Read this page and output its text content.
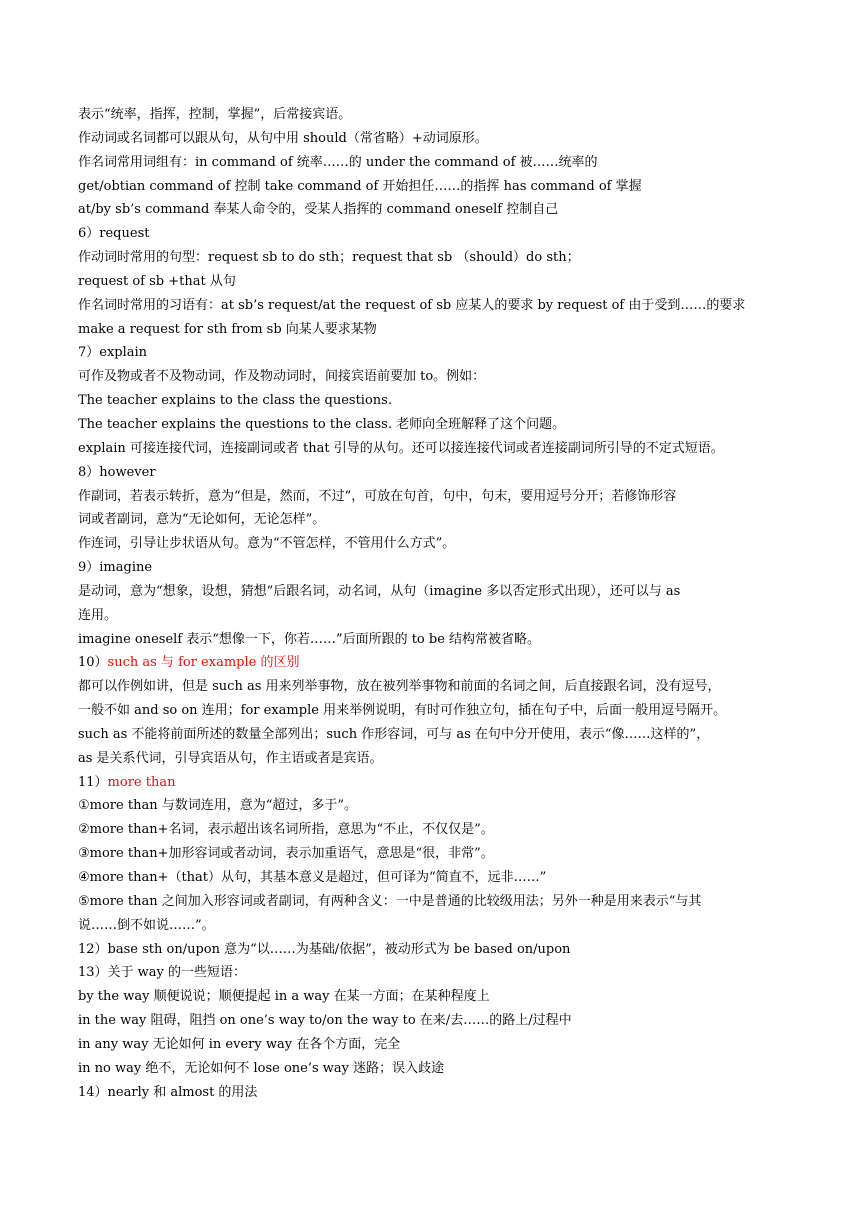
表示“统率，指挥，控制，掌握”，后常接宾语。
作动词或名词都可以跟从句，从句中用 should（常省略）+动词原形。
作名词常用词组有：in command of 统率……的 under the command of 被……统率的
get/obtian command of 控制 take command of 开始担任……的指挥 has command of 掌握
at/by sb’s command 奉某人命令的，受某人指挥的 command oneself 控制自己
6）request
作动词时常用的句型：request sb to do sth；request that sb （should）do sth；
request of sb +that 从句
作名词时常用的习语有：at sb’s request/at the request of sb 应某人的要求 by request of 由于受到……的要求
make a request for sth from sb 向某人要求某物
7）explain
可作及物或者不及物动词，作及物动词时，间接宾语前要加 to。例如：
The teacher explains to the class the questions.
The teacher explains the questions to the class. 老师向全班解释了这个问题。
explain 可接连接代词，连接副词或者 that 引导的从句。还可以接连接代词或者连接副词所引导的不定式短语。
8）however
作副词，若表示转折，意为“但是，然而，不过”，可放在句首，句中，句末，要用逗号分开；若修饰形容
词或者副词，意为“无论如何，无论怎样”。
作连词，引导让步状语从句。意为“不管怎样，不管用什么方式”。
9）imagine
是动词，意为“想象，设想，猜想”后跟名词，动名词，从句（imagine 多以否定形式出现），还可以与 as
连用。
imagine oneself 表示“想像一下，你若……”后面所跟的 to be 结构常被省略。
10）such as 与 for example 的区别
都可以作例如讲，但是 such as 用来列举事物，放在被列举事物和前面的名词之间，后直接跟名词，没有逗号，
一般不如 and so on 连用；for example 用来举例说明，有时可作独立句，插在句子中，后面一般用逗号隔开。
such as 不能将前面所述的数量全部列出；such 作形容词，可与 as 在句中分开使用，表示“像……这样的”，
as 是关系代词，引导宾语从句，作主语或者是宾语。
11）more than
①more than 与数词连用，意为“超过，多于”。
②more than+名词，表示超出该名词所指，意思为“不止，不仅仅是”。
③more than+加形容词或者动词，表示加重语气，意思是“很，非常”。
④more than+（that）从句，其基本意义是超过，但可译为“简直不，远非……”
⑤more than 之间加入形容词或者副词，有两种含义：一中是普通的比较级用法；另外一种是用来表示“与其
说……倒不如说……”。
12）base sth on/upon 意为“以……为基础/依据”，被动形式为 be based on/upon
13）关于 way 的一些短语：
by the way 顺便说说；顺便提起 in a way 在某一方面；在某种程度上
in the way 阻碍，阻挡 on one’s way to/on the way to 在来/去……的路上/过程中
in any way 无论如何 in every way 在各个方面，完全
in no way 绝不，无论如何不 lose one’s way 迷路；误入歧途
14）nearly 和 almost 的用法
